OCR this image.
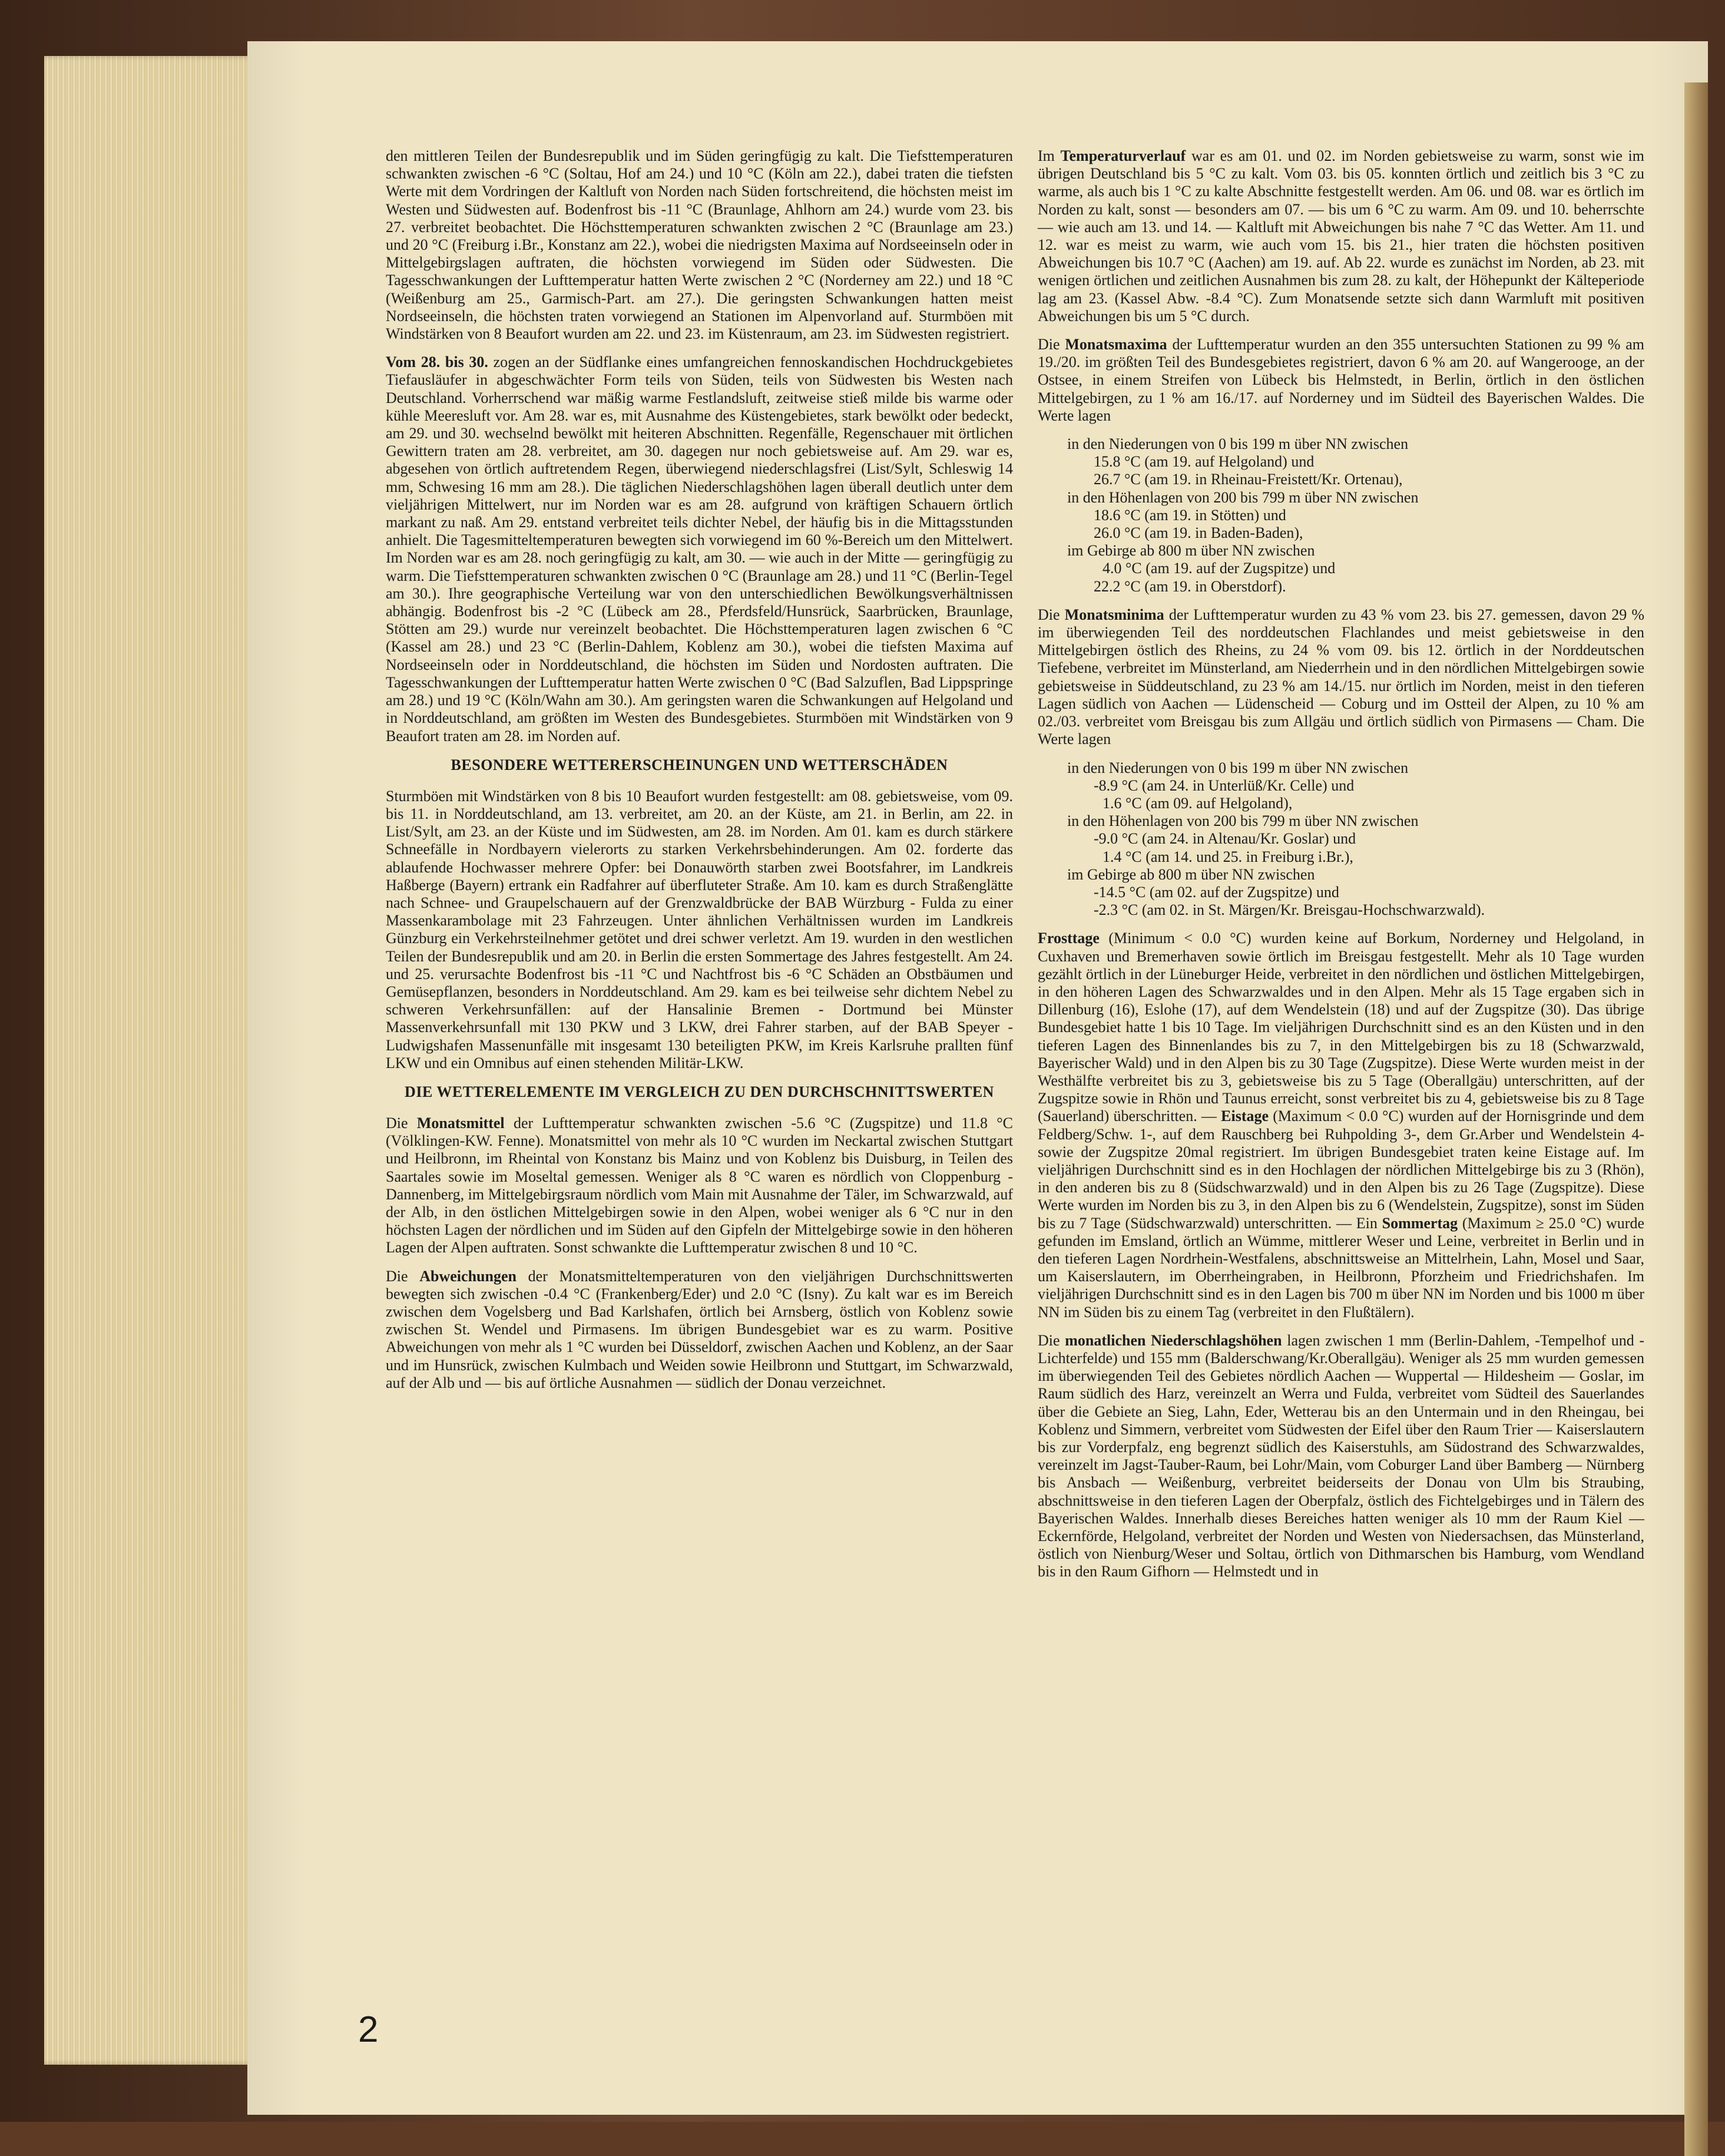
den mittleren Teilen der Bundesrepublik und im Süden geringfügig zu kalt. Die Tiefsttemperaturen schwankten zwischen -6 °C (Soltau, Hof am 24.) und 10 °C (Köln am 22.), dabei traten die tiefsten Werte mit dem Vordringen der Kaltluft von Norden nach Süden fortschreitend, die höchsten meist im Westen und Südwesten auf. Bodenfrost bis -11 °C (Braunlage, Ahlhorn am 24.) wurde vom 23. bis 27. verbreitet beobachtet. Die Höchsttemperaturen schwankten zwischen 2 °C (Braunlage am 23.) und 20 °C (Freiburg i.Br., Konstanz am 22.), wobei die niedrigsten Maxima auf Nordseeinseln oder in Mittelgebirgslagen auftraten, die höchsten vorwiegend im Süden oder Südwesten. Die Tagesschwankungen der Lufttemperatur hatten Werte zwischen 2 °C (Norderney am 22.) und 18 °C (Weißenburg am 25., Garmisch-Part. am 27.). Die geringsten Schwankungen hatten meist Nordseeinseln, die höchsten traten vorwiegend an Stationen im Alpenvorland auf. Sturmböen mit Windstärken von 8 Beaufort wurden am 22. und 23. im Küstenraum, am 23. im Südwesten registriert.

Vom 28. bis 30. zogen an der Südflanke eines umfangreichen fennoskandischen Hochdruckgebietes Tiefausläufer in abgeschwächter Form teils von Süden, teils von Südwesten bis Westen nach Deutschland. Vorherrschend war mäßig warme Festlandsluft, zeitweise stieß milde bis warme oder kühle Meeresluft vor. Am 28. war es, mit Ausnahme des Küstengebietes, stark bewölkt oder bedeckt, am 29. und 30. wechselnd bewölkt mit heiteren Abschnitten. Regenfälle, Regenschauer mit örtlichen Gewittern traten am 28. verbreitet, am 30. dagegen nur noch gebietsweise auf. Am 29. war es, abgesehen von örtlich auftretendem Regen, überwiegend niederschlagsfrei (List/Sylt, Schleswig 14 mm, Schwesing 16 mm am 28.). Die täglichen Niederschlagshöhen lagen überall deutlich unter dem vieljährigen Mittelwert, nur im Norden war es am 28. aufgrund von kräftigen Schauern örtlich markant zu naß. Am 29. entstand verbreitet teils dichter Nebel, der häufig bis in die Mittagsstunden anhielt. Die Tagesmitteltemperaturen bewegten sich vorwiegend im 60 %-Bereich um den Mittelwert. Im Norden war es am 28. noch geringfügig zu kalt, am 30. — wie auch in der Mitte — geringfügig zu warm. Die Tiefsttemperaturen schwankten zwischen 0 °C (Braunlage am 28.) und 11 °C (Berlin-Tegel am 30.). Ihre geographische Verteilung war von den unterschiedlichen Bewölkungsverhältnissen abhängig. Bodenfrost bis -2 °C (Lübeck am 28., Pferdsfeld/Hunsrück, Saarbrücken, Braunlage, Stötten am 29.) wurde nur vereinzelt beobachtet. Die Höchsttemperaturen lagen zwischen 6 °C (Kassel am 28.) und 23 °C (Berlin-Dahlem, Koblenz am 30.), wobei die tiefsten Maxima auf Nordseeinseln oder in Norddeutschland, die höchsten im Süden und Nordosten auftraten. Die Tagesschwankungen der Lufttemperatur hatten Werte zwischen 0 °C (Bad Salzuflen, Bad Lippspringe am 28.) und 19 °C (Köln/Wahn am 30.). Am geringsten waren die Schwankungen auf Helgoland und in Norddeutschland, am größten im Westen des Bundesgebietes. Sturmböen mit Windstärken von 9 Beaufort traten am 28. im Norden auf.

BESONDERE WETTERERSCHEINUNGEN UND WETTERSCHÄDEN

Sturmböen mit Windstärken von 8 bis 10 Beaufort wurden festgestellt: am 08. gebietsweise, vom 09. bis 11. in Norddeutschland, am 13. verbreitet, am 20. an der Küste, am 21. in Berlin, am 22. in List/Sylt, am 23. an der Küste und im Südwesten, am 28. im Norden. Am 01. kam es durch stärkere Schneefälle in Nordbayern vielerorts zu starken Verkehrsbehinderungen. Am 02. forderte das ablaufende Hochwasser mehrere Opfer: bei Donauwörth starben zwei Bootsfahrer, im Landkreis Haßberge (Bayern) ertrank ein Radfahrer auf überfluteter Straße. Am 10. kam es durch Straßenglätte nach Schnee- und Graupelschauern auf der Grenzwaldbrücke der BAB Würzburg - Fulda zu einer Massenkarambolage mit 23 Fahrzeugen. Unter ähnlichen Verhältnissen wurden im Landkreis Günzburg ein Verkehrsteilnehmer getötet und drei schwer verletzt. Am 19. wurden in den westlichen Teilen der Bundesrepublik und am 20. in Berlin die ersten Sommertage des Jahres festgestellt. Am 24. und 25. verursachte Bodenfrost bis -11 °C und Nachtfrost bis -6 °C Schäden an Obstbäumen und Gemüsepflanzen, besonders in Norddeutschland. Am 29. kam es bei teilweise sehr dichtem Nebel zu schweren Verkehrsunfällen: auf der Hansalinie Bremen - Dortmund bei Münster Massenverkehrsunfall mit 130 PKW und 3 LKW, drei Fahrer starben, auf der BAB Speyer - Ludwigshafen Massenunfälle mit insgesamt 130 beteiligten PKW, im Kreis Karlsruhe prallten fünf LKW und ein Omnibus auf einen stehenden Militär-LKW.

DIE WETTERELEMENTE IM VERGLEICH ZU DEN DURCHSCHNITTSWERTEN

Die Monatsmittel der Lufttemperatur schwankten zwischen -5.6 °C (Zugspitze) und 11.8 °C (Völklingen-KW. Fenne). Monatsmittel von mehr als 10 °C wurden im Neckartal zwischen Stuttgart und Heilbronn, im Rheintal von Konstanz bis Mainz und von Koblenz bis Duisburg, in Teilen des Saartales sowie im Moseltal gemessen. Weniger als 8 °C waren es nördlich von Cloppenburg - Dannenberg, im Mittelgebirgsraum nördlich vom Main mit Ausnahme der Täler, im Schwarzwald, auf der Alb, in den östlichen Mittelgebirgen sowie in den Alpen, wobei weniger als 6 °C nur in den höchsten Lagen der nördlichen und im Süden auf den Gipfeln der Mittelgebirge sowie in den höheren Lagen der Alpen auftraten. Sonst schwankte die Lufttemperatur zwischen 8 und 10 °C.

Die Abweichungen der Monatsmitteltemperaturen von den vieljährigen Durchschnittswerten bewegten sich zwischen -0.4 °C (Frankenberg/Eder) und 2.0 °C (Isny). Zu kalt war es im Bereich zwischen dem Vogelsberg und Bad Karlshafen, örtlich bei Arnsberg, östlich von Koblenz sowie zwischen St. Wendel und Pirmasens. Im übrigen Bundesgebiet war es zu warm. Positive Abweichungen von mehr als 1 °C wurden bei Düsseldorf, zwischen Aachen und Koblenz, an der Saar und im Hunsrück, zwischen Kulmbach und Weiden sowie Heilbronn und Stuttgart, im Schwarzwald, auf der Alb und — bis auf örtliche Ausnahmen — südlich der Donau verzeichnet.

Im Temperaturverlauf war es am 01. und 02. im Norden gebietsweise zu warm, sonst wie im übrigen Deutschland bis 5 °C zu kalt. Vom 03. bis 05. konnten örtlich und zeitlich bis 3 °C zu warme, als auch bis 1 °C zu kalte Abschnitte festgestellt werden. Am 06. und 08. war es örtlich im Norden zu kalt, sonst — besonders am 07. — bis um 6 °C zu warm. Am 09. und 10. beherrschte — wie auch am 13. und 14. — Kaltluft mit Abweichungen bis nahe 7 °C das Wetter. Am 11. und 12. war es meist zu warm, wie auch vom 15. bis 21., hier traten die höchsten positiven Abweichungen bis 10.7 °C (Aachen) am 19. auf. Ab 22. wurde es zunächst im Norden, ab 23. mit wenigen örtlichen und zeitlichen Ausnahmen bis zum 28. zu kalt, der Höhepunkt der Kälteperiode lag am 23. (Kassel Abw. -8.4 °C). Zum Monatsende setzte sich dann Warmluft mit positiven Abweichungen bis um 5 °C durch.

Die Monatsmaxima der Lufttemperatur wurden an den 355 untersuchten Stationen zu 99 % am 19./20. im größten Teil des Bundesgebietes registriert, davon 6 % am 20. auf Wangerooge, an der Ostsee, in einem Streifen von Lübeck bis Helmstedt, in Berlin, örtlich in den östlichen Mittelgebirgen, zu 1 % am 16./17. auf Norderney und im Südteil des Bayerischen Waldes. Die Werte lagen

in den Niederungen von 0 bis 199 m über NN zwischen
15.8 °C (am 19. auf Helgoland) und
26.7 °C (am 19. in Rheinau-Freistett/Kr. Ortenau),
in den Höhenlagen von 200 bis 799 m über NN zwischen
18.6 °C (am 19. in Stötten) und
26.0 °C (am 19. in Baden-Baden),
im Gebirge ab 800 m über NN zwischen
4.0 °C (am 19. auf der Zugspitze) und
22.2 °C (am 19. in Oberstdorf).

Die Monatsminima der Lufttemperatur wurden zu 43 % vom 23. bis 27. gemessen, davon 29 % im überwiegenden Teil des norddeutschen Flachlandes und meist gebietsweise in den Mittelgebirgen östlich des Rheins, zu 24 % vom 09. bis 12. örtlich in der Norddeutschen Tiefebene, verbreitet im Münsterland, am Niederrhein und in den nördlichen Mittelgebirgen sowie gebietsweise in Süddeutschland, zu 23 % am 14./15. nur örtlich im Norden, meist in den tieferen Lagen südlich von Aachen — Lüdenscheid — Coburg und im Ostteil der Alpen, zu 10 % am 02./03. verbreitet vom Breisgau bis zum Allgäu und örtlich südlich von Pirmasens — Cham. Die Werte lagen

in den Niederungen von 0 bis 199 m über NN zwischen
-8.9 °C (am 24. in Unterlüß/Kr. Celle) und
1.6 °C (am 09. auf Helgoland),
in den Höhenlagen von 200 bis 799 m über NN zwischen
-9.0 °C (am 24. in Altenau/Kr. Goslar) und
1.4 °C (am 14. und 25. in Freiburg i.Br.),
im Gebirge ab 800 m über NN zwischen
-14.5 °C (am 02. auf der Zugspitze) und
-2.3 °C (am 02. in St. Märgen/Kr. Breisgau-Hochschwarzwald).

Frosttage (Minimum < 0.0 °C) wurden keine auf Borkum, Norderney und Helgoland, in Cuxhaven und Bremerhaven sowie örtlich im Breisgau festgestellt. Mehr als 10 Tage wurden gezählt örtlich in der Lüneburger Heide, verbreitet in den nördlichen und östlichen Mittelgebirgen, in den höheren Lagen des Schwarzwaldes und in den Alpen. Mehr als 15 Tage ergaben sich in Dillenburg (16), Eslohe (17), auf dem Wendelstein (18) und auf der Zugspitze (30). Das übrige Bundesgebiet hatte 1 bis 10 Tage. Im vieljährigen Durchschnitt sind es an den Küsten und in den tieferen Lagen des Binnenlandes bis zu 7, in den Mittelgebirgen bis zu 18 (Schwarzwald, Bayerischer Wald) und in den Alpen bis zu 30 Tage (Zugspitze). Diese Werte wurden meist in der Westhälfte verbreitet bis zu 3, gebietsweise bis zu 5 Tage (Oberallgäu) unterschritten, auf der Zugspitze sowie in Rhön und Taunus erreicht, sonst verbreitet bis zu 4, gebietsweise bis zu 8 Tage (Sauerland) überschritten. — Eistage (Maximum < 0.0 °C) wurden auf der Hornisgrinde und dem Feldberg/Schw. 1-, auf dem Rauschberg bei Ruhpolding 3-, dem Gr.Arber und Wendelstein 4- sowie der Zugspitze 20mal registriert. Im übrigen Bundesgebiet traten keine Eistage auf. Im vieljährigen Durchschnitt sind es in den Hochlagen der nördlichen Mittelgebirge bis zu 3 (Rhön), in den anderen bis zu 8 (Südschwarzwald) und in den Alpen bis zu 26 Tage (Zugspitze). Diese Werte wurden im Norden bis zu 3, in den Alpen bis zu 6 (Wendelstein, Zugspitze), sonst im Süden bis zu 7 Tage (Südschwarzwald) unterschritten. — Ein Sommertag (Maximum ≥ 25.0 °C) wurde gefunden im Emsland, örtlich an Wümme, mittlerer Weser und Leine, verbreitet in Berlin und in den tieferen Lagen Nordrhein-Westfalens, abschnittsweise an Mittelrhein, Lahn, Mosel und Saar, um Kaiserslautern, im Oberrheingraben, in Heilbronn, Pforzheim und Friedrichshafen. Im vieljährigen Durchschnitt sind es in den Lagen bis 700 m über NN im Norden und bis 1000 m über NN im Süden bis zu einem Tag (verbreitet in den Flußtälern).

Die monatlichen Niederschlagshöhen lagen zwischen 1 mm (Berlin-Dahlem, -Tempelhof und -Lichterfelde) und 155 mm (Balderschwang/Kr.Oberallgäu). Weniger als 25 mm wurden gemessen im überwiegenden Teil des Gebietes nördlich Aachen — Wuppertal — Hildesheim — Goslar, im Raum südlich des Harz, vereinzelt an Werra und Fulda, verbreitet vom Südteil des Sauerlandes über die Gebiete an Sieg, Lahn, Eder, Wetterau bis an den Untermain und in den Rheingau, bei Koblenz und Simmern, verbreitet vom Südwesten der Eifel über den Raum Trier — Kaiserslautern bis zur Vorderpfalz, eng begrenzt südlich des Kaiserstuhls, am Südostrand des Schwarzwaldes, vereinzelt im Jagst-Tauber-Raum, bei Lohr/Main, vom Coburger Land über Bamberg — Nürnberg bis Ansbach — Weißenburg, verbreitet beiderseits der Donau von Ulm bis Straubing, abschnittsweise in den tieferen Lagen der Oberpfalz, östlich des Fichtelgebirges und in Tälern des Bayerischen Waldes. Innerhalb dieses Bereiches hatten weniger als 10 mm der Raum Kiel — Eckernförde, Helgoland, verbreitet der Norden und Westen von Niedersachsen, das Münsterland, östlich von Nienburg/Weser und Soltau, örtlich von Dithmarschen bis Hamburg, vom Wendland bis in den Raum Gifhorn — Helmstedt und in

2
